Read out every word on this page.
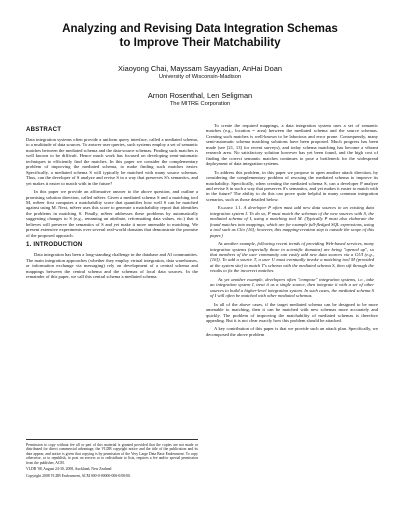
Analyzing and Revising Data Integration Schemas
to Improve Their Matchability
Xiaoyong Chai, Mayssam Sayyadian, AnHai Doan
University of Wisconsin-Madison
Arnon Rosenthal, Len Seligman
The MITRE Corporation
ABSTRACT

Data integration systems often provide a uniform query interface, called a mediated schema, to a multitude of data sources. To answer user queries, such systems employ a set of semantic matches between the mediated schema and the data-source schemas. Finding such matches is well known to be difficult. Hence much work has focused on developing semi-automatic techniques to efficiently find the matches. In this paper we consider the complementary problem of improving the mediated schema, to make finding such matches easier. Specifically, a mediated schema S will typically be matched with many source schemas. Thus, can the developer of S analyze and revise S in a way that preserves S's semantics, and yet makes it easier to match with in the future?

In this paper we provide an affirmative answer to the above question, and outline a promising solution direction, called mSeer. Given a mediated schema S and a matching tool M, mSeer first computes a matchability score that quantifies how well S can be matched against using M. Next, mSeer uses this score to generate a matchability report that identifies the problems in matching S. Finally, mSeer addresses these problems by automatically suggesting changes to S (e.g., renaming an attribute, reformatting data values, etc.) that it believes will preserve the semantics of S and yet make it more amenable to matching. We present extensive experiments over several real-world domains that demonstrate the promise of the proposed approach.

1. INTRODUCTION

Data integration has been a long-standing challenge in the database and AI communities. The main integration approaches (whether they employ virtual integration, data warehouses, or information exchange via messaging) rely on development of a central schema and mappings between the central schema and the schemas of local data sources. In the remainder of this paper, we call this central schema a mediated schema.

Permission to copy without fee all or part of this material is granted provided that the copies are not made or distributed for direct commercial advantage, the VLDB copyright notice and the title of the publication and its date appear, and notice is given that copying is by permission of the Very Large Data Base Endowment. To copy otherwise, or to republish, to post on servers or to redistribute to lists, requires a fee and/or special permission from the publisher, ACM.

VLDB '08, August 24-30, 2008, Auckland, New Zealand

Copyright 2008 VLDB Endowment, ACM 000-0-00000-000-0/00/00.

To create the required mappings, a data integration system uses a set of semantic matches (e.g., location = area) between the mediated schema and the source schemas. Creating such matches is well-known to be laborious and error prone. Consequently, many semi-automatic schema matching solutions have been proposed. Much progress has been made (see [21, 13] for recent surveys), and today schema matching has become a vibrant research area. No satisfactory solution however has yet been found, and the high cost of finding the correct semantic matches continues to pose a bottleneck for the widespread deployment of data integration systems.

To address this problem, in this paper we propose to open another attack direction, by considering the complementary problem of rescuing the mediated schema to improve its matchability. Specifically, when creating the mediated schema S, can a developer P analyze and revise S in such a way that preserves S's semantics, and yet makes it easier to match with in the future? The ability to do this can prove quite helpful in many common integration scenarios, such as those detailed below.

Example 1.1. A developer P often must add new data sources to an existing data integration system I. To do so, P must match the schemas of the new sources with S, the mediated schema of I, using a matching tool M. (Typically P must also elaborate the found matches into mappings, which are for example full-fledged SQL expressions, using a tool such as Clio [16]; however, this mapping-creation step is outside the scope of this paper.)

As another example, following recent trends of providing Web-based services, many integration systems (especially those in scientific domains) are being "opened up", so that members of the user community can easily add new data sources via a GUI (e.g., [16]). To add a source T, a user U must eventually invoke a matching tool M (provided at the system site) to match T's schema with the mediated schema S, then sift through the results to fix the incorrect matches.

As yet another example, developers often "compose" integration systems, i.e., take an integration system I, treat it as a single source, then integrate it with a set of other sources to build a higher-level integration system. In such cases, the mediated schema S of I will often be matched with other mediated schemas.

In all of the above cases, if the target mediated schema can be designed to be more amenable to matching, then it can be matched with new schemas more accurately and quickly. The problem of improving the matchability of mediated schemas is therefore appealing. But it is not clear exactly how this problem should be attacked.

A key contribution of this paper is that we provide such an attack plan. Specifically, we decomposed the above problem
